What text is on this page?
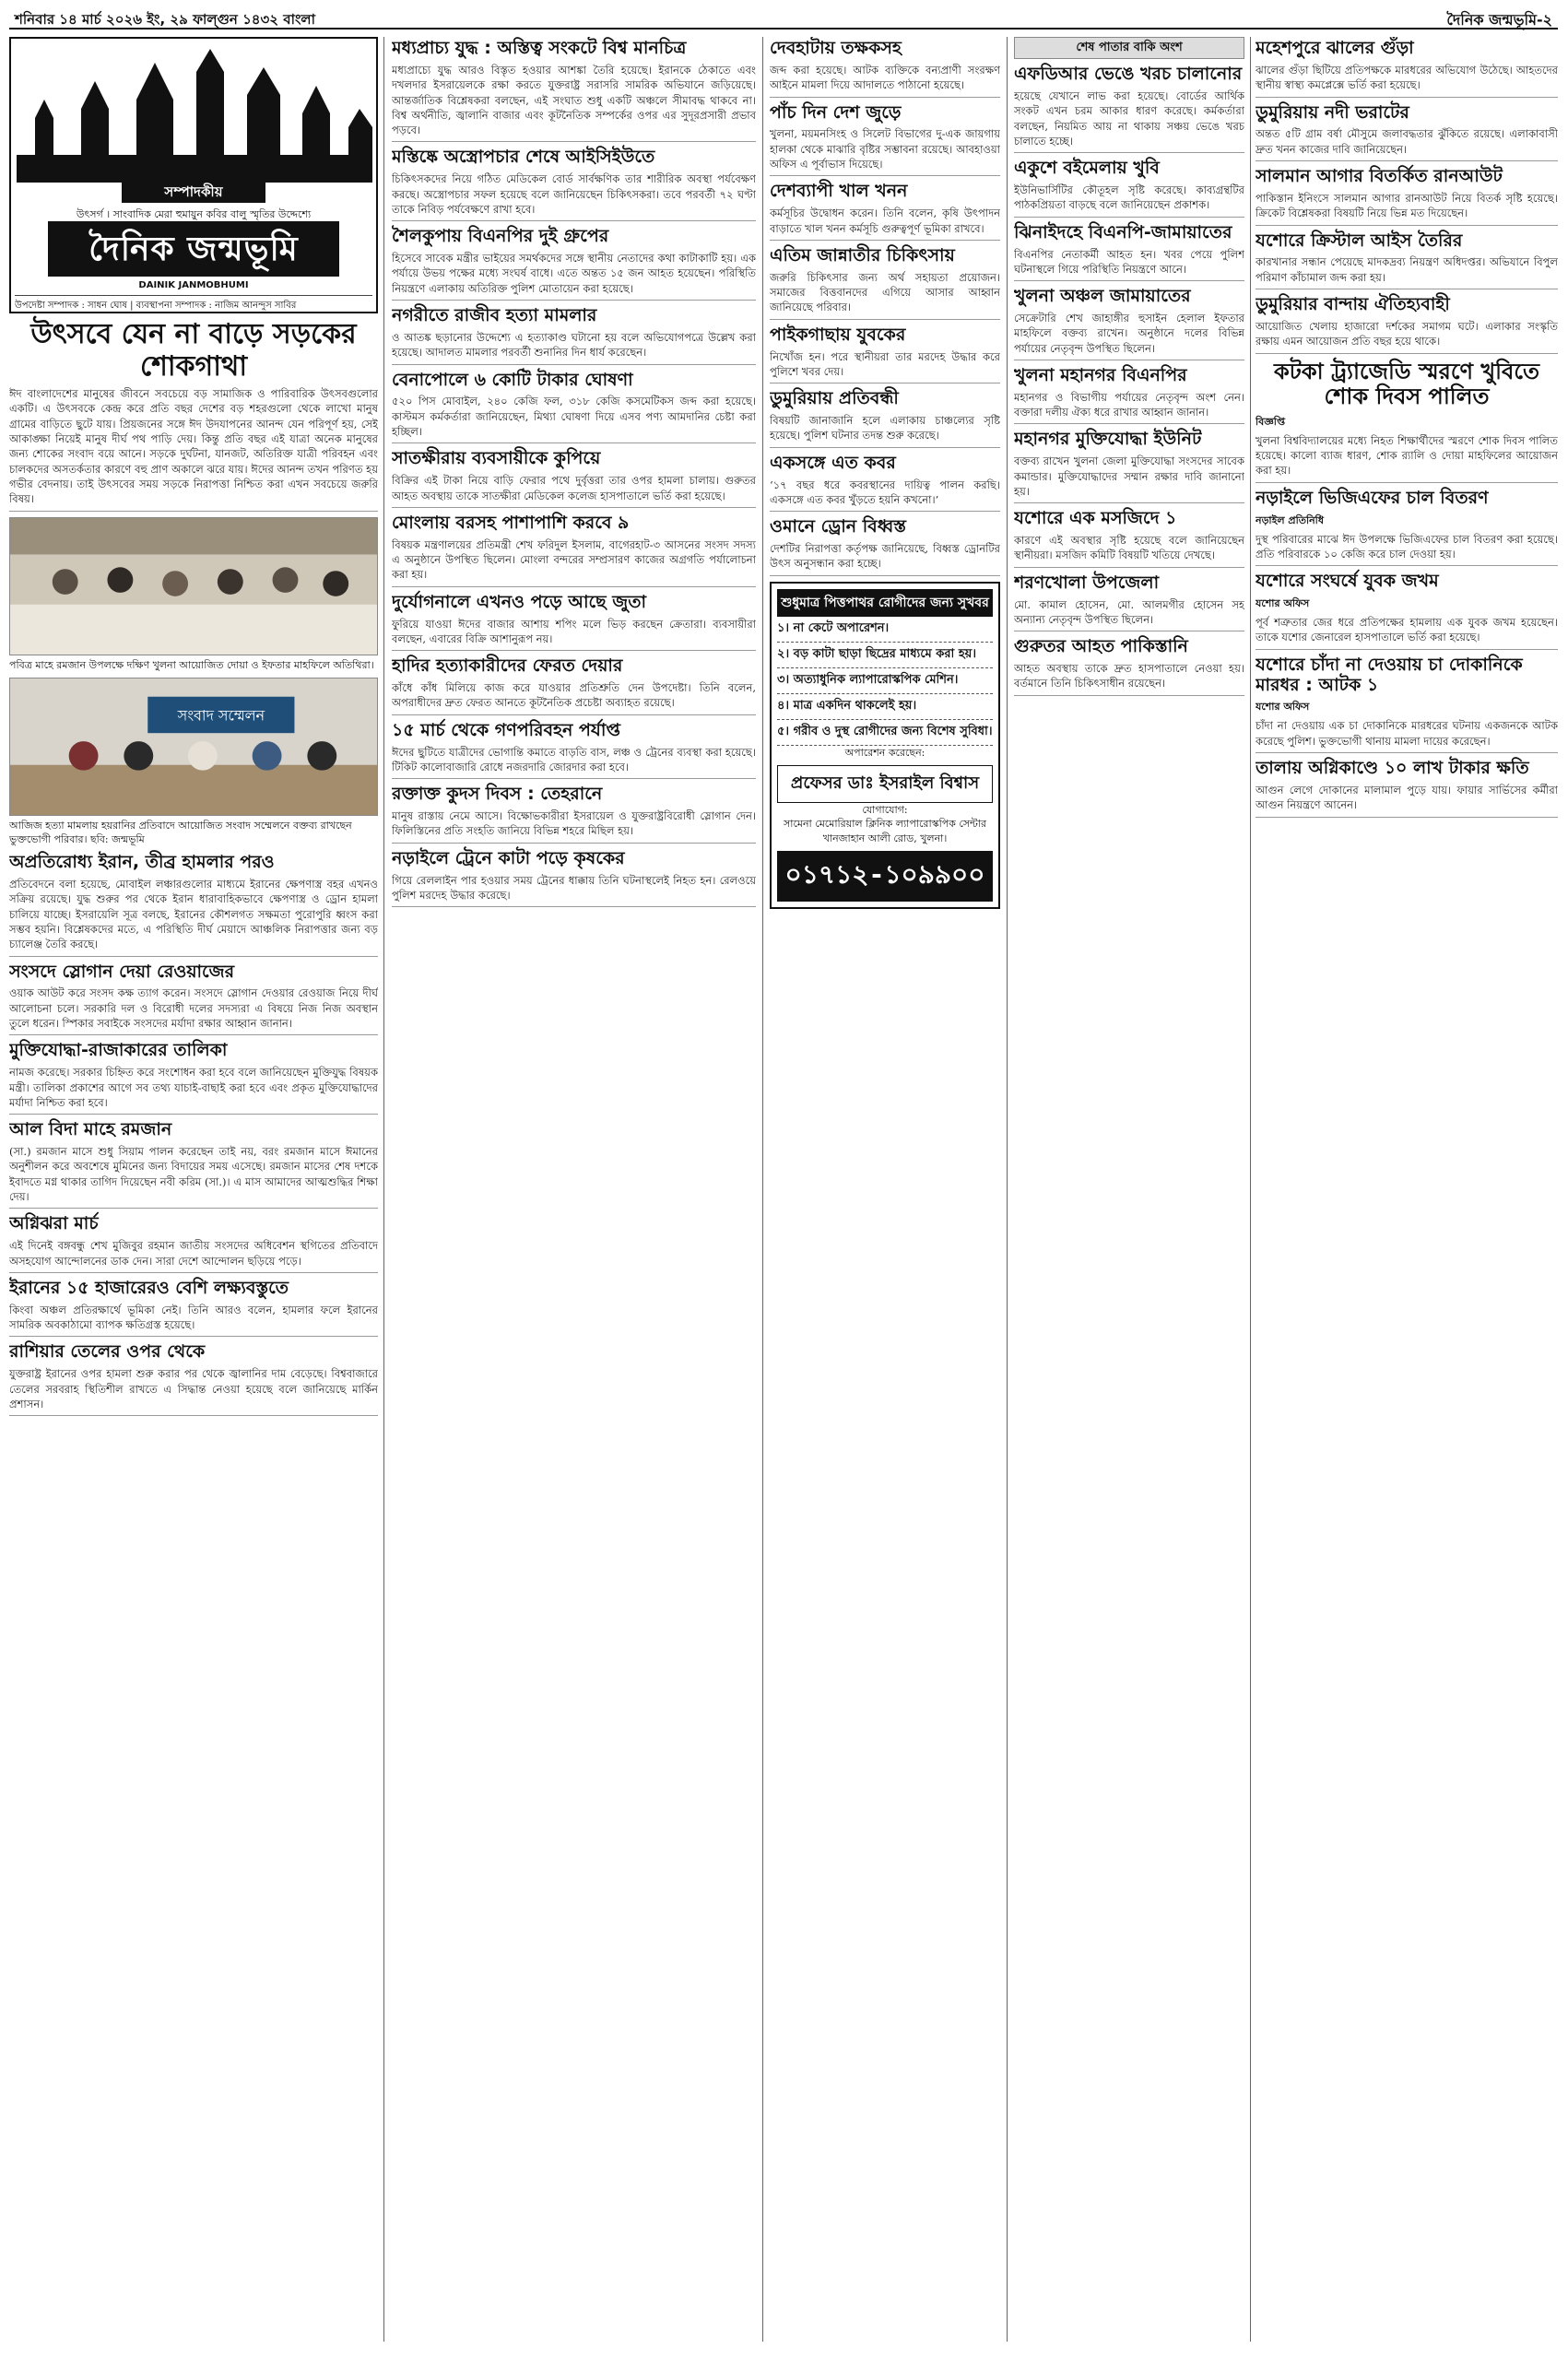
শনিবার ১৪ মার্চ ২০২৬ ইং, ২৯ ফাল্গুন ১৪৩২ বাংলা	দৈনিক জন্মভূমি-২
সম্পাদকীয়
উৎসর্গ । সাংবাদিক মেরা হুমায়ুন কবির বালু স্মৃতির উদ্দেশ্যে
দৈনিক জন্মভূমি
DAINIK JANMOBHUMI
উপদেষ্টা সম্পাদক : সাধন ঘোষ | ব্যবস্থাপনা সম্পাদক : নাজিম আনন্দুস সাবির
উৎসবে যেন না বাড়ে সড়কের শোকগাথা

ঈদ বাংলাদেশের মানুষের জীবনে সবচেয়ে বড় সামাজিক ও পারিবারিক উৎসবগুলোর একটি। এ উৎসবকে কেন্দ্র করে প্রতি বছর দেশের বড় শহরগুলো থেকে লাখো মানুষ গ্রামের বাড়িতে ছুটে যায়। প্রিয়জনের সঙ্গে ঈদ উদযাপনের আনন্দ যেন পরিপূর্ণ হয়, সেই আকাঙ্ক্ষা নিয়েই মানুষ দীর্ঘ পথ পাড়ি দেয়। কিন্তু প্রতি বছর এই যাত্রা অনেক মানুষের জন্য শোকের সংবাদ বয়ে আনে। সড়কে দুর্ঘটনা, যানজট, অতিরিক্ত যাত্রী পরিবহন এবং চালকদের অসতর্কতার কারণে বহু প্রাণ অকালে ঝরে যায়। ঈদের আনন্দ তখন পরিণত হয় গভীর বেদনায়। তাই উৎসবের সময় সড়কে নিরাপত্তা নিশ্চিত করা এখন সবচেয়ে জরুরি বিষয়।

পবিত্র মাহে রমজান উপলক্ষে দক্ষিণ খুলনা আয়োজিত দোয়া ও ইফতার মাহফিলে অতিথিরা।
সংবাদ সম্মেলন
আজিজ হত্যা মামলায় হয়রানির প্রতিবাদে আয়োজিত সংবাদ সম্মেলনে বক্তব্য রাখছেন ভুক্তভোগী পরিবার। ছবি: জন্মভূমি
অপ্রতিরোধ্য ইরান, তীব্র হামলার পরও

প্রতিবেদনে বলা হয়েছে, মোবাইল লঞ্চারগুলোর মাধ্যমে ইরানের ক্ষেপণাস্ত্র বহর এখনও সক্রিয় রয়েছে। যুদ্ধ শুরুর পর থেকে ইরান ধারাবাহিকভাবে ক্ষেপণাস্ত্র ও ড্রোন হামলা চালিয়ে যাচ্ছে। ইসরায়েলি সূত্র বলছে, ইরানের কৌশলগত সক্ষমতা পুরোপুরি ধ্বংস করা সম্ভব হয়নি। বিশ্লেষকদের মতে, এ পরিস্থিতি দীর্ঘ মেয়াদে আঞ্চলিক নিরাপত্তার জন্য বড় চ্যালেঞ্জ তৈরি করছে।

সংসদে স্লোগান দেয়া রেওয়াজের

ওয়াক আউট করে সংসদ কক্ষ ত্যাগ করেন। সংসদে স্লোগান দেওয়ার রেওয়াজ নিয়ে দীর্ঘ আলোচনা চলে। সরকারি দল ও বিরোধী দলের সদস্যরা এ বিষয়ে নিজ নিজ অবস্থান তুলে ধরেন। স্পিকার সবাইকে সংসদের মর্যাদা রক্ষার আহ্বান জানান।

মুক্তিযোদ্ধা-রাজাকারের তালিকা

নামজ করেছে। সরকার চিহ্নিত করে সংশোধন করা হবে বলে জানিয়েছেন মুক্তিযুদ্ধ বিষয়ক মন্ত্রী। তালিকা প্রকাশের আগে সব তথ্য যাচাই-বাছাই করা হবে এবং প্রকৃত মুক্তিযোদ্ধাদের মর্যাদা নিশ্চিত করা হবে।

আল বিদা মাহে রমজান

(সা.) রমজান মাসে শুধু সিয়াম পালন করেছেন তাই নয়, বরং রমজান মাসে ঈমানের অনুশীলন করে অবশেষে মুমিনের জন্য বিদায়ের সময় এসেছে। রমজান মাসের শেষ দশকে ইবাদতে মগ্ন থাকার তাগিদ দিয়েছেন নবী করিম (সা.)। এ মাস আমাদের আত্মশুদ্ধির শিক্ষা দেয়।

অগ্নিঝরা মার্চ

এই দিনেই বঙ্গবন্ধু শেখ মুজিবুর রহমান জাতীয় সংসদের অধিবেশন স্থগিতের প্রতিবাদে অসহযোগ আন্দোলনের ডাক দেন। সারা দেশে আন্দোলন ছড়িয়ে পড়ে।

ইরানের ১৫ হাজারেরও বেশি লক্ষ্যবস্তুতে

কিংবা অঞ্চল প্রতিরক্ষার্থে ভূমিকা নেই। তিনি আরও বলেন, হামলার ফলে ইরানের সামরিক অবকাঠামো ব্যাপক ক্ষতিগ্রস্ত হয়েছে।

রাশিয়ার তেলের ওপর থেকে

যুক্তরাষ্ট্র ইরানের ওপর হামলা শুরু করার পর থেকে জ্বালানির দাম বেড়েছে। বিশ্ববাজারে তেলের সরবরাহ স্থিতিশীল রাখতে এ সিদ্ধান্ত নেওয়া হয়েছে বলে জানিয়েছে মার্কিন প্রশাসন।

মধ্যপ্রাচ্য যুদ্ধ : অস্তিত্ব সংকটে বিশ্ব মানচিত্র

মধ্যপ্রাচ্যে যুদ্ধ আরও বিস্তৃত হওয়ার আশঙ্কা তৈরি হয়েছে। ইরানকে ঠেকাতে এবং দখলদার ইসরায়েলকে রক্ষা করতে যুক্তরাষ্ট্র সরাসরি সামরিক অভিযানে জড়িয়েছে। আন্তর্জাতিক বিশ্লেষকরা বলছেন, এই সংঘাত শুধু একটি অঞ্চলে সীমাবদ্ধ থাকবে না। বিশ্ব অর্থনীতি, জ্বালানি বাজার এবং কূটনৈতিক সম্পর্কের ওপর এর সুদূরপ্রসারী প্রভাব পড়বে।

মস্তিষ্কে অস্ত্রোপচার শেষে আইসিইউতে

চিকিৎসকদের নিয়ে গঠিত মেডিকেল বোর্ড সার্বক্ষণিক তার শারীরিক অবস্থা পর্যবেক্ষণ করছে। অস্ত্রোপচার সফল হয়েছে বলে জানিয়েছেন চিকিৎসকরা। তবে পরবর্তী ৭২ ঘণ্টা তাকে নিবিড় পর্যবেক্ষণে রাখা হবে।

শৈলকুপায় বিএনপির দুই গ্রুপের

হিসেবে সাবেক মন্ত্রীর ভাইয়ের সমর্থকদের সঙ্গে স্থানীয় নেতাদের কথা কাটাকাটি হয়। এক পর্যায়ে উভয় পক্ষের মধ্যে সংঘর্ষ বাধে। এতে অন্তত ১৫ জন আহত হয়েছেন। পরিস্থিতি নিয়ন্ত্রণে এলাকায় অতিরিক্ত পুলিশ মোতায়েন করা হয়েছে।

নগরীতে রাজীব হত্যা মামলার

ও আতঙ্ক ছড়ানোর উদ্দেশ্যে এ হত্যাকাণ্ড ঘটানো হয় বলে অভিযোগপত্রে উল্লেখ করা হয়েছে। আদালত মামলার পরবর্তী শুনানির দিন ধার্য করেছেন।

বেনাপোলে ৬ কোটি টাকার ঘোষণা

৫২০ পিস মোবাইল, ২৪০ কেজি ফল, ৩১৮ কেজি কসমেটিকস জব্দ করা হয়েছে। কাস্টমস কর্মকর্তারা জানিয়েছেন, মিথ্যা ঘোষণা দিয়ে এসব পণ্য আমদানির চেষ্টা করা হচ্ছিল।

সাতক্ষীরায় ব্যবসায়ীকে কুপিয়ে

বিক্রির এই টাকা নিয়ে বাড়ি ফেরার পথে দুর্বৃত্তরা তার ওপর হামলা চালায়। গুরুতর আহত অবস্থায় তাকে সাতক্ষীরা মেডিকেল কলেজ হাসপাতালে ভর্তি করা হয়েছে।

মোংলায় বরসহ পাশাপাশি করবে ৯

বিষয়ক মন্ত্রণালয়ের প্রতিমন্ত্রী শেখ ফরিদুল ইসলাম, বাগেরহাট-৩ আসনের সংসদ সদস্য এ অনুষ্ঠানে উপস্থিত ছিলেন। মোংলা বন্দরের সম্প্রসারণ কাজের অগ্রগতি পর্যালোচনা করা হয়।

দুর্যোগনালে এখনও পড়ে আছে জুতা

ফুরিয়ে যাওয়া ঈদের বাজার আশায় শপিং মলে ভিড় করছেন ক্রেতারা। ব্যবসায়ীরা বলছেন, এবারের বিক্রি আশানুরূপ নয়।

হাদির হত্যাকারীদের ফেরত দেয়ার

কাঁধে কাঁধ মিলিয়ে কাজ করে যাওয়ার প্রতিশ্রুতি দেন উপদেষ্টা। তিনি বলেন, অপরাধীদের দ্রুত ফেরত আনতে কূটনৈতিক প্রচেষ্টা অব্যাহত রয়েছে।

১৫ মার্চ থেকে গণপরিবহন পর্যাপ্ত

ঈদের ছুটিতে যাত্রীদের ভোগান্তি কমাতে বাড়তি বাস, লঞ্চ ও ট্রেনের ব্যবস্থা করা হয়েছে। টিকিট কালোবাজারি রোধে নজরদারি জোরদার করা হবে।

রক্তাক্ত কুদস দিবস : তেহরানে

মানুষ রাস্তায় নেমে আসে। বিক্ষোভকারীরা ইসরায়েল ও যুক্তরাষ্ট্রবিরোধী স্লোগান দেন। ফিলিস্তিনের প্রতি সংহতি জানিয়ে বিভিন্ন শহরে মিছিল হয়।

নড়াইলে ট্রেনে কাটা পড়ে কৃষকের

গিয়ে রেললাইন পার হওয়ার সময় ট্রেনের ধাক্কায় তিনি ঘটনাস্থলেই নিহত হন। রেলওয়ে পুলিশ মরদেহ উদ্ধার করেছে।

দেবহাটায় তক্ষকসহ

জব্দ করা হয়েছে। আটক ব্যক্তিকে বন্যপ্রাণী সংরক্ষণ আইনে মামলা দিয়ে আদালতে পাঠানো হয়েছে।

পাঁচ দিন দেশ জুড়ে

খুলনা, ময়মনসিংহ ও সিলেট বিভাগের দু-এক জায়গায় হালকা থেকে মাঝারি বৃষ্টির সম্ভাবনা রয়েছে। আবহাওয়া অফিস এ পূর্বাভাস দিয়েছে।

দেশব্যাপী খাল খনন

কর্মসূচির উদ্বোধন করেন। তিনি বলেন, কৃষি উৎপাদন বাড়াতে খাল খনন কর্মসূচি গুরুত্বপূর্ণ ভূমিকা রাখবে।

এতিম জান্নাতীর চিকিৎসায়

জরুরি চিকিৎসার জন্য অর্থ সহায়তা প্রয়োজন। সমাজের বিত্তবানদের এগিয়ে আসার আহ্বান জানিয়েছে পরিবার।

পাইকগাছায় যুবকের

নিখোঁজ হন। পরে স্থানীয়রা তার মরদেহ উদ্ধার করে পুলিশে খবর দেয়।

ডুমুরিয়ায় প্রতিবন্ধী

বিষয়টি জানাজানি হলে এলাকায় চাঞ্চল্যের সৃষ্টি হয়েছে। পুলিশ ঘটনার তদন্ত শুরু করেছে।

একসঙ্গে এত কবর

‘১৭ বছর ধরে কবরস্থানের দায়িত্ব পালন করছি। একসঙ্গে এত কবর খুঁড়তে হয়নি কখনো।’

ওমানে ড্রোন বিধ্বস্ত

দেশটির নিরাপত্তা কর্তৃপক্ষ জানিয়েছে, বিধ্বস্ত ড্রোনটির উৎস অনুসন্ধান করা হচ্ছে।

শুধুমাত্র পিত্তপাথর রোগীদের জন্য সুখবর
১। না কেটে অপারেশন।
২। বড় কাটা ছাড়া ছিদ্রের মাধ্যমে করা হয়।
৩। অত্যাধুনিক ল্যাপারোস্কপিক মেশিন।
৪। মাত্র একদিন থাকলেই হয়।
৫। গরীব ও দুস্থ রোগীদের জন্য বিশেষ সুবিধা।
অপারেশন করেছেন:
প্রফেসর ডাঃ ইসরাইল বিশ্বাস
যোগাযোগ:
সামেনা মেমোরিয়াল ক্লিনিক ল্যাপারোস্কপিক সেন্টার
খানজাহান আলী রোড, খুলনা।
০১৭১২-১০৯৯০০
শেষ পাতার বাকি অংশ
এফডিআর ভেঙে খরচ চালানোর

হয়েছে যেখানে লাভ করা হয়েছে। বোর্ডের আর্থিক সংকট এখন চরম আকার ধারণ করেছে। কর্মকর্তারা বলছেন, নিয়মিত আয় না থাকায় সঞ্চয় ভেঙে খরচ চালাতে হচ্ছে।

একুশে বইমেলায় খুবি

ইউনিভার্সিটির কৌতূহল সৃষ্টি করেছে। কাব্যগ্রন্থটির পাঠকপ্রিয়তা বাড়ছে বলে জানিয়েছেন প্রকাশক।

ঝিনাইদহে বিএনপি-জামায়াতের

বিএনপির নেতাকর্মী আহত হন। খবর পেয়ে পুলিশ ঘটনাস্থলে গিয়ে পরিস্থিতি নিয়ন্ত্রণে আনে।

খুলনা অঞ্চল জামায়াতের

সেক্রেটারি শেখ জাহাঙ্গীর হুসাইন হেলাল ইফতার মাহফিলে বক্তব্য রাখেন। অনুষ্ঠানে দলের বিভিন্ন পর্যায়ের নেতৃবৃন্দ উপস্থিত ছিলেন।

খুলনা মহানগর বিএনপির

মহানগর ও বিভাগীয় পর্যায়ের নেতৃবৃন্দ অংশ নেন। বক্তারা দলীয় ঐক্য ধরে রাখার আহ্বান জানান।

মহানগর মুক্তিযোদ্ধা ইউনিট

বক্তব্য রাখেন খুলনা জেলা মুক্তিযোদ্ধা সংসদের সাবেক কমান্ডার। মুক্তিযোদ্ধাদের সম্মান রক্ষার দাবি জানানো হয়।

যশোরে এক মসজিদে ১

কারণে এই অবস্থার সৃষ্টি হয়েছে বলে জানিয়েছেন স্থানীয়রা। মসজিদ কমিটি বিষয়টি খতিয়ে দেখছে।

শরণখোলা উপজেলা

মো. কামাল হোসেন, মো. আলমগীর হোসেন সহ অন্যান্য নেতৃবৃন্দ উপস্থিত ছিলেন।

গুরুতর আহত পাকিস্তানি

আহত অবস্থায় তাকে দ্রুত হাসপাতালে নেওয়া হয়। বর্তমানে তিনি চিকিৎসাধীন রয়েছেন।

মহেশপুরে ঝালের গুঁড়া

ঝালের গুঁড়া ছিটিয়ে প্রতিপক্ষকে মারধরের অভিযোগ উঠেছে। আহতদের স্থানীয় স্বাস্থ্য কমপ্লেক্সে ভর্তি করা হয়েছে।

ডুমুরিয়ায় নদী ভরাটের

অন্তত ৫টি গ্রাম বর্ষা মৌসুমে জলাবদ্ধতার ঝুঁকিতে রয়েছে। এলাকাবাসী দ্রুত খনন কাজের দাবি জানিয়েছেন।

সালমান আগার বিতর্কিত রানআউট

পাকিস্তান ইনিংসে সালমান আগার রানআউট নিয়ে বিতর্ক সৃষ্টি হয়েছে। ক্রিকেট বিশ্লেষকরা বিষয়টি নিয়ে ভিন্ন মত দিয়েছেন।

যশোরে ক্রিস্টাল আইস তৈরির

কারখানার সন্ধান পেয়েছে মাদকদ্রব্য নিয়ন্ত্রণ অধিদপ্তর। অভিযানে বিপুল পরিমাণ কাঁচামাল জব্দ করা হয়।

ডুমুরিয়ার বান্দায় ঐতিহ্যবাহী

আয়োজিত খেলায় হাজারো দর্শকের সমাগম ঘটে। এলাকার সংস্কৃতি রক্ষায় এমন আয়োজন প্রতি বছর হয়ে থাকে।

কটকা ট্র্যাজেডি স্মরণে খুবিতে শোক দিবস পালিত
বিজ্ঞপ্তি

খুলনা বিশ্ববিদ্যালয়ের মধ্যে নিহত শিক্ষার্থীদের স্মরণে শোক দিবস পালিত হয়েছে। কালো ব্যাজ ধারণ, শোক র‍্যালি ও দোয়া মাহফিলের আয়োজন করা হয়।

নড়াইলে ভিজিএফের চাল বিতরণ
নড়াইল প্রতিনিধি

দুস্থ পরিবারের মাঝে ঈদ উপলক্ষে ভিজিএফের চাল বিতরণ করা হয়েছে। প্রতি পরিবারকে ১০ কেজি করে চাল দেওয়া হয়।

যশোরে সংঘর্ষে যুবক জখম
যশোর অফিস

পূর্ব শত্রুতার জের ধরে প্রতিপক্ষের হামলায় এক যুবক জখম হয়েছেন। তাকে যশোর জেনারেল হাসপাতালে ভর্তি করা হয়েছে।

যশোরে চাঁদা না দেওয়ায় চা দোকানিকে মারধর : আটক ১
যশোর অফিস

চাঁদা না দেওয়ায় এক চা দোকানিকে মারধরের ঘটনায় একজনকে আটক করেছে পুলিশ। ভুক্তভোগী থানায় মামলা দায়ের করেছেন।

তালায় অগ্নিকাণ্ডে ১০ লাখ টাকার ক্ষতি

আগুন লেগে দোকানের মালামাল পুড়ে যায়। ফায়ার সার্ভিসের কর্মীরা আগুন নিয়ন্ত্রণে আনেন।
